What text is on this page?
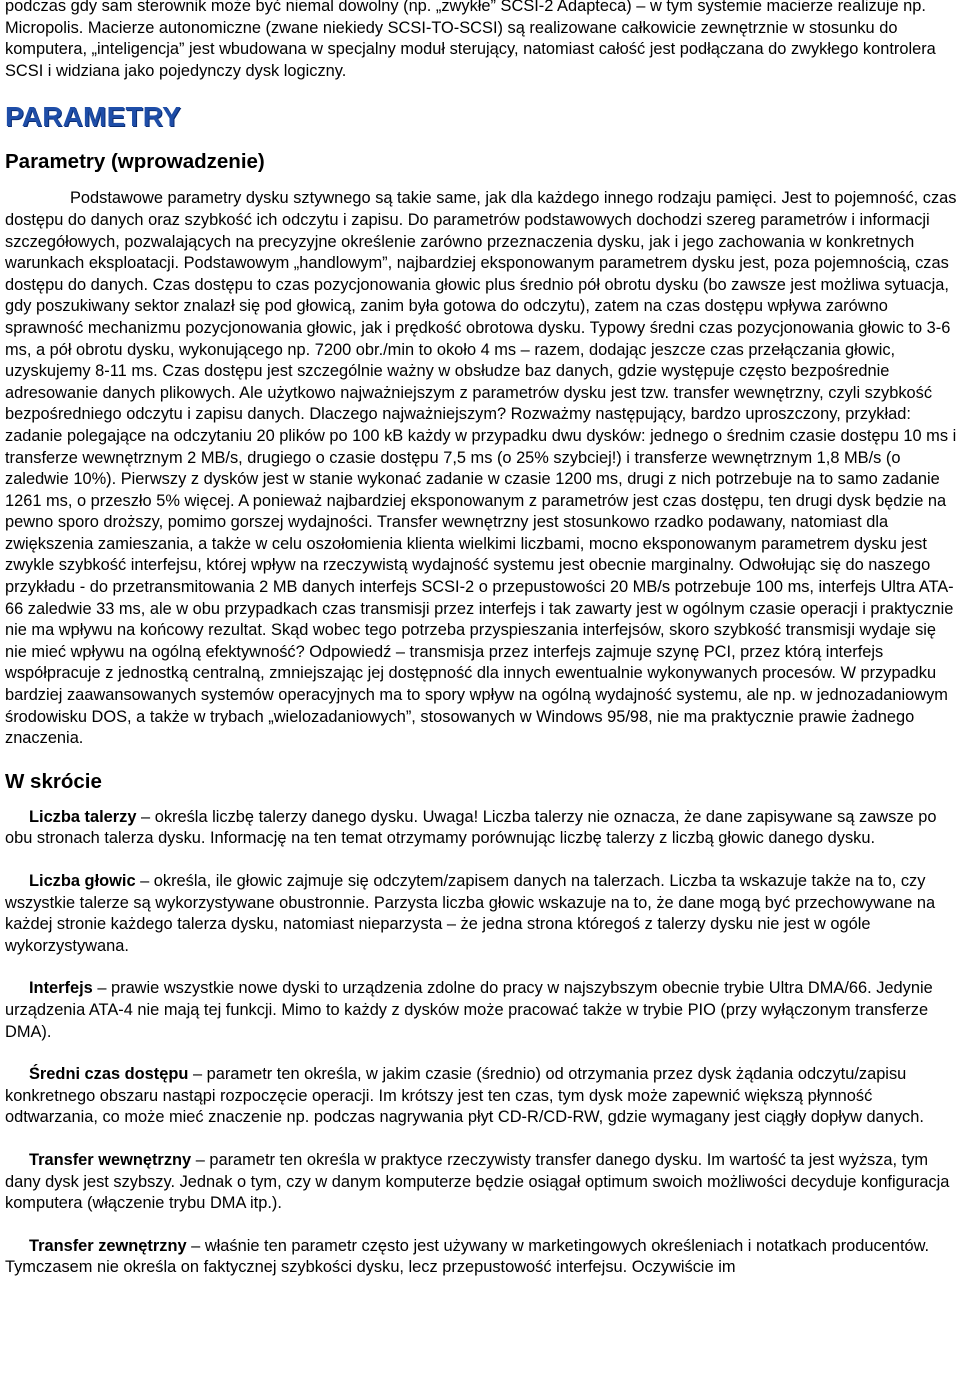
podczas gdy sam sterownik może być niemal dowolny (np. „zwykłe” SCSI-2 Adapteca) – w tym systemie macierze realizuje np. Micropolis. Macierze autonomiczne (zwane niekiedy SCSI-TO-SCSI) są realizowane całkowicie zewnętrznie w stosunku do komputera, „inteligencja” jest wbudowana w specjalny moduł sterujący, natomiast całość jest podłączana do zwykłego kontrolera SCSI i widziana jako pojedynczy dysk logiczny.

PARAMETRY
Parametry (wprowadzenie)

Podstawowe parametry dysku sztywnego są takie same, jak dla każdego innego rodzaju pamięci. Jest to pojemność, czas dostępu do danych oraz szybkość ich odczytu i zapisu. Do parametrów podstawowych dochodzi szereg parametrów i informacji szczegółowych, pozwalających na precyzyjne określenie zarówno przeznaczenia dysku, jak i jego zachowania w konkretnych warunkach eksploatacji. Podstawowym „handlowym”, najbardziej eksponowanym parametrem dysku jest, poza pojemnością, czas dostępu do danych. Czas dostępu to czas pozycjonowania głowic plus średnio pół obrotu dysku (bo zawsze jest możliwa sytuacja, gdy poszukiwany sektor znalazł się pod głowicą, zanim była gotowa do odczytu), zatem na czas dostępu wpływa zarówno sprawność mechanizmu pozycjonowania głowic, jak i prędkość obrotowa dysku. Typowy średni czas pozycjonowania głowic to 3-6 ms, a pół obrotu dysku, wykonującego np. 7200 obr./min to około 4 ms – razem, dodając jeszcze czas przełączania głowic, uzyskujemy 8-11 ms. Czas dostępu jest szczególnie ważny w obsłudze baz danych, gdzie występuje często bezpośrednie adresowanie danych plikowych. Ale użytkowo najważniejszym z parametrów dysku jest tzw. transfer wewnętrzny, czyli szybkość bezpośredniego odczytu i zapisu danych. Dlaczego najważniejszym? Rozważmy następujący, bardzo uproszczony, przykład: zadanie polegające na odczytaniu 20 plików po 100 kB każdy w przypadku dwu dysków: jednego o średnim czasie dostępu 10 ms i transferze wewnętrznym 2 MB/s, drugiego o czasie dostępu 7,5 ms (o 25% szybciej!) i transferze wewnętrznym 1,8 MB/s (o zaledwie 10%). Pierwszy z dysków jest w stanie wykonać zadanie w czasie 1200 ms, drugi z nich potrzebuje na to samo zadanie 1261 ms, o przeszło 5% więcej. A ponieważ najbardziej eksponowanym z parametrów jest czas dostępu, ten drugi dysk będzie na pewno sporo droższy, pomimo gorszej wydajności. Transfer wewnętrzny jest stosunkowo rzadko podawany, natomiast dla zwiększenia zamieszania, a także w celu oszołomienia klienta wielkimi liczbami, mocno eksponowanym parametrem dysku jest zwykle szybkość interfejsu, której wpływ na rzeczywistą wydajność systemu jest obecnie marginalny. Odwołując się do naszego przykładu - do przetransmitowania 2 MB danych interfejs SCSI-2 o przepustowości 20 MB/s potrzebuje 100 ms, interfejs Ultra ATA-66 zaledwie 33 ms, ale w obu przypadkach czas transmisji przez interfejs i tak zawarty jest w ogólnym czasie operacji i praktycznie nie ma wpływu na końcowy rezultat. Skąd wobec tego potrzeba przyspieszania interfejsów, skoro szybkość transmisji wydaje się nie mieć wpływu na ogólną efektywność? Odpowiedź – transmisja przez interfejs zajmuje szynę PCI, przez którą interfejs współpracuje z jednostką centralną, zmniejszając jej dostępność dla innych ewentualnie wykonywanych procesów. W przypadku bardziej zaawansowanych systemów operacyjnych ma to spory wpływ na ogólną wydajność systemu, ale np. w jednozadaniowym środowisku DOS, a także w trybach „wielozadaniowych”, stosowanych w Windows 95/98, nie ma praktycznie prawie żadnego znaczenia.

W skrócie

Liczba talerzy – określa liczbę talerzy danego dysku. Uwaga! Liczba talerzy nie oznacza, że dane zapisywane są zawsze po obu stronach talerza dysku. Informację na ten temat otrzymamy porównując liczbę talerzy z liczbą głowic danego dysku.

Liczba głowic – określa, ile głowic zajmuje się odczytem/zapisem danych na talerzach. Liczba ta wskazuje także na to, czy wszystkie talerze są wykorzystywane obustronnie. Parzysta liczba głowic wskazuje na to, że dane mogą być przechowywane na każdej stronie każdego talerza dysku, natomiast nieparzysta – że jedna strona któregoś z talerzy dysku nie jest w ogóle wykorzystywana.

Interfejs – prawie wszystkie nowe dyski to urządzenia zdolne do pracy w najszybszym obecnie trybie Ultra DMA/66. Jedynie urządzenia ATA-4 nie mają tej funkcji. Mimo to każdy z dysków może pracować także w trybie PIO (przy wyłączonym transferze DMA).

Średni czas dostępu – parametr ten określa, w jakim czasie (średnio) od otrzymania przez dysk żądania odczytu/zapisu konkretnego obszaru nastąpi rozpoczęcie operacji. Im krótszy jest ten czas, tym dysk może zapewnić większą płynność odtwarzania, co może mieć znaczenie np. podczas nagrywania płyt CD-R/CD-RW, gdzie wymagany jest ciągły dopływ danych.

Transfer wewnętrzny – parametr ten określa w praktyce rzeczywisty transfer danego dysku. Im wartość ta jest wyższa, tym dany dysk jest szybszy. Jednak o tym, czy w danym komputerze będzie osiągał optimum swoich możliwości decyduje konfiguracja komputera (włączenie trybu DMA itp.).

Transfer zewnętrzny – właśnie ten parametr często jest używany w marketingowych określeniach i notatkach producentów. Tymczasem nie określa on faktycznej szybkości dysku, lecz przepustowość interfejsu. Oczywiście im
